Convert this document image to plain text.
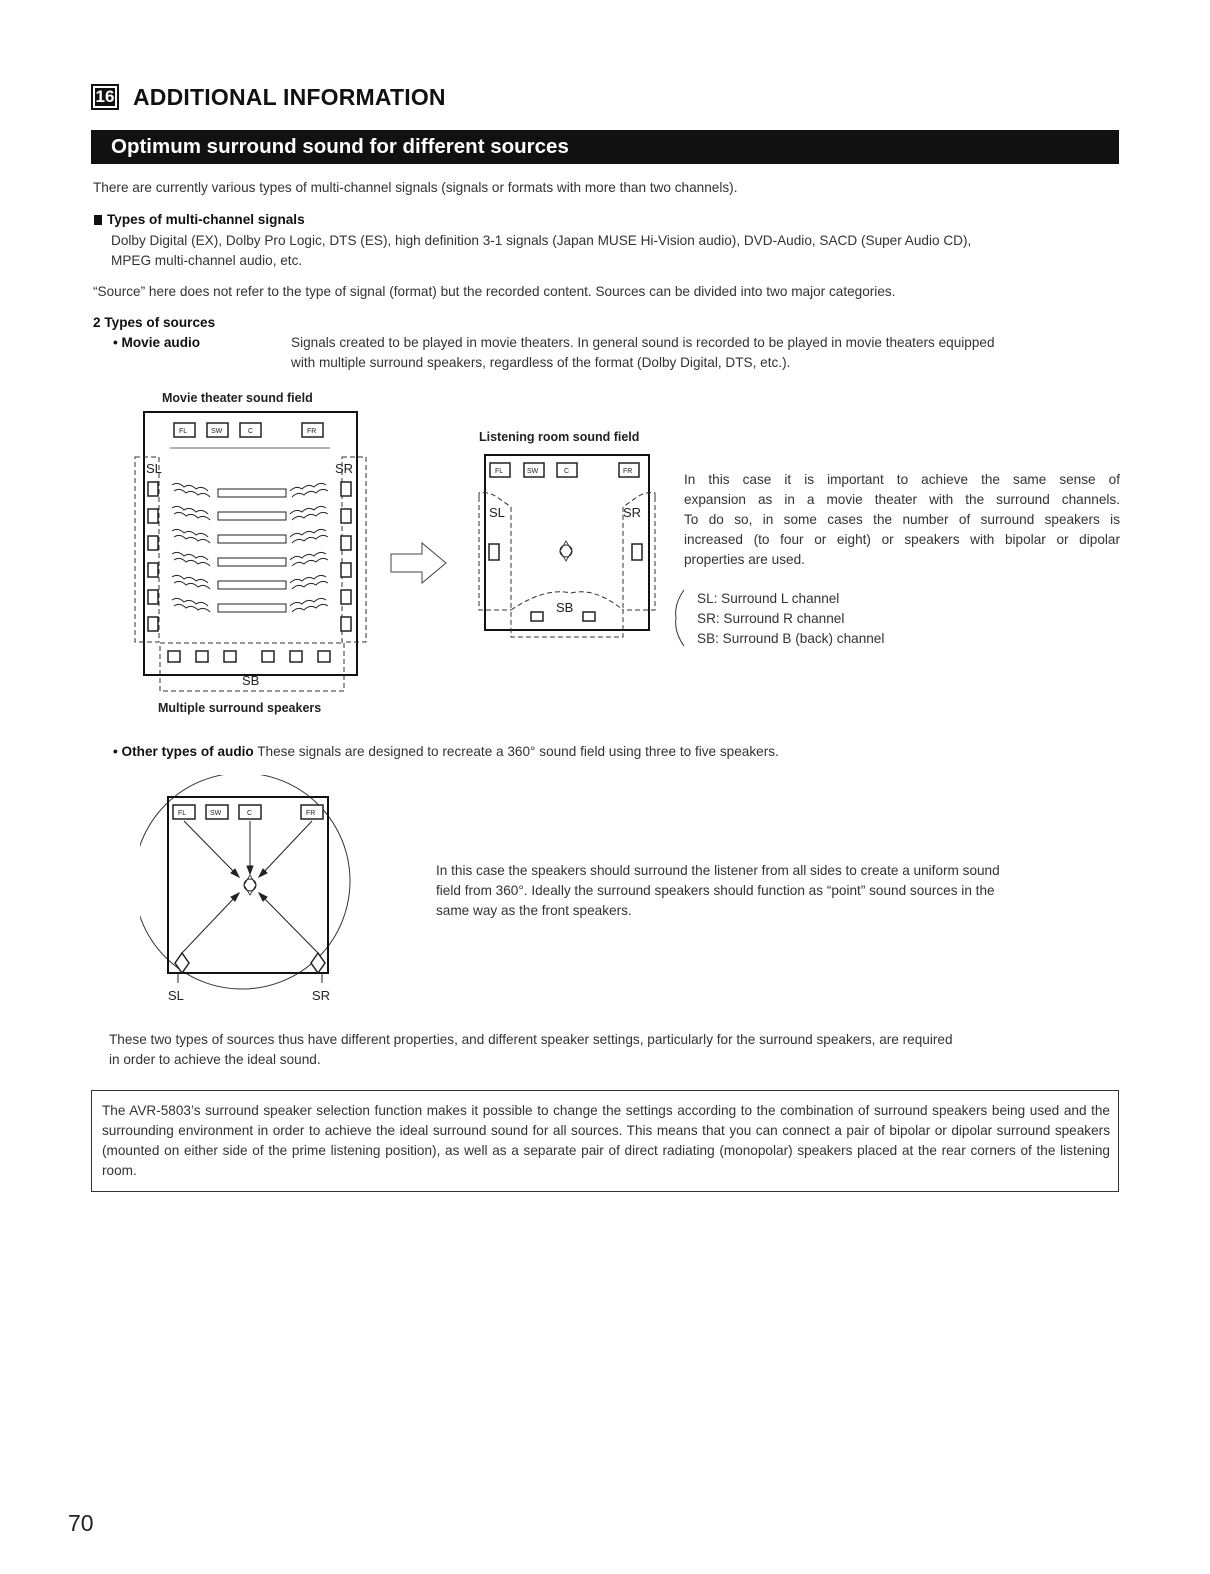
16 ADDITIONAL INFORMATION
Optimum surround sound for different sources
There are currently various types of multi-channel signals (signals or formats with more than two channels).
Types of multi-channel signals
Dolby Digital (EX), Dolby Pro Logic, DTS (ES), high definition 3-1 signals (Japan MUSE Hi-Vision audio), DVD-Audio, SACD (Super Audio CD),
MPEG multi-channel audio, etc.
“Source” here does not refer to the type of signal (format) but the recorded content. Sources can be divided into two major categories.
2 Types of sources
• Movie audio	Signals created to be played in movie theaters. In general sound is recorded to be played in movie theaters equipped
with multiple surround speakers, regardless of the format (Dolby Digital, DTS, etc.).
Movie theater sound field
FL	SW	C	FR
SL	SR
SB
Multiple surround speakers
Listening room sound field
FL	SW	C	FR
SL	SR
SB
In this case it is important to achieve the same sense of
expansion as in a movie theater with the surround channels.
To do so, in some cases the number of surround speakers is
increased (to four or eight) or speakers with bipolar or dipolar
properties are used.
SL: Surround L channel
SR: Surround R channel
SB: Surround B (back) channel
• Other types of audio These signals are designed to recreate a 360° sound field using three to five speakers.
FL	SW	C	FR
SL	SR
In this case the speakers should surround the listener from all sides to create a uniform sound
field from 360°. Ideally the surround speakers should function as “point” sound sources in the
same way as the front speakers.
These two types of sources thus have different properties, and different speaker settings, particularly for the surround speakers, are required
in order to achieve the ideal sound.
The AVR-5803’s surround speaker selection function makes it possible to change the settings according to the combination of surround speakers being used and the surrounding environment in order to achieve the ideal surround sound for all sources. This means that you can connect a pair of bipolar or dipolar surround speakers (mounted on either side of the prime listening position), as well as a separate pair of direct radiating (monopolar) speakers placed at the rear corners of the listening room.
70
